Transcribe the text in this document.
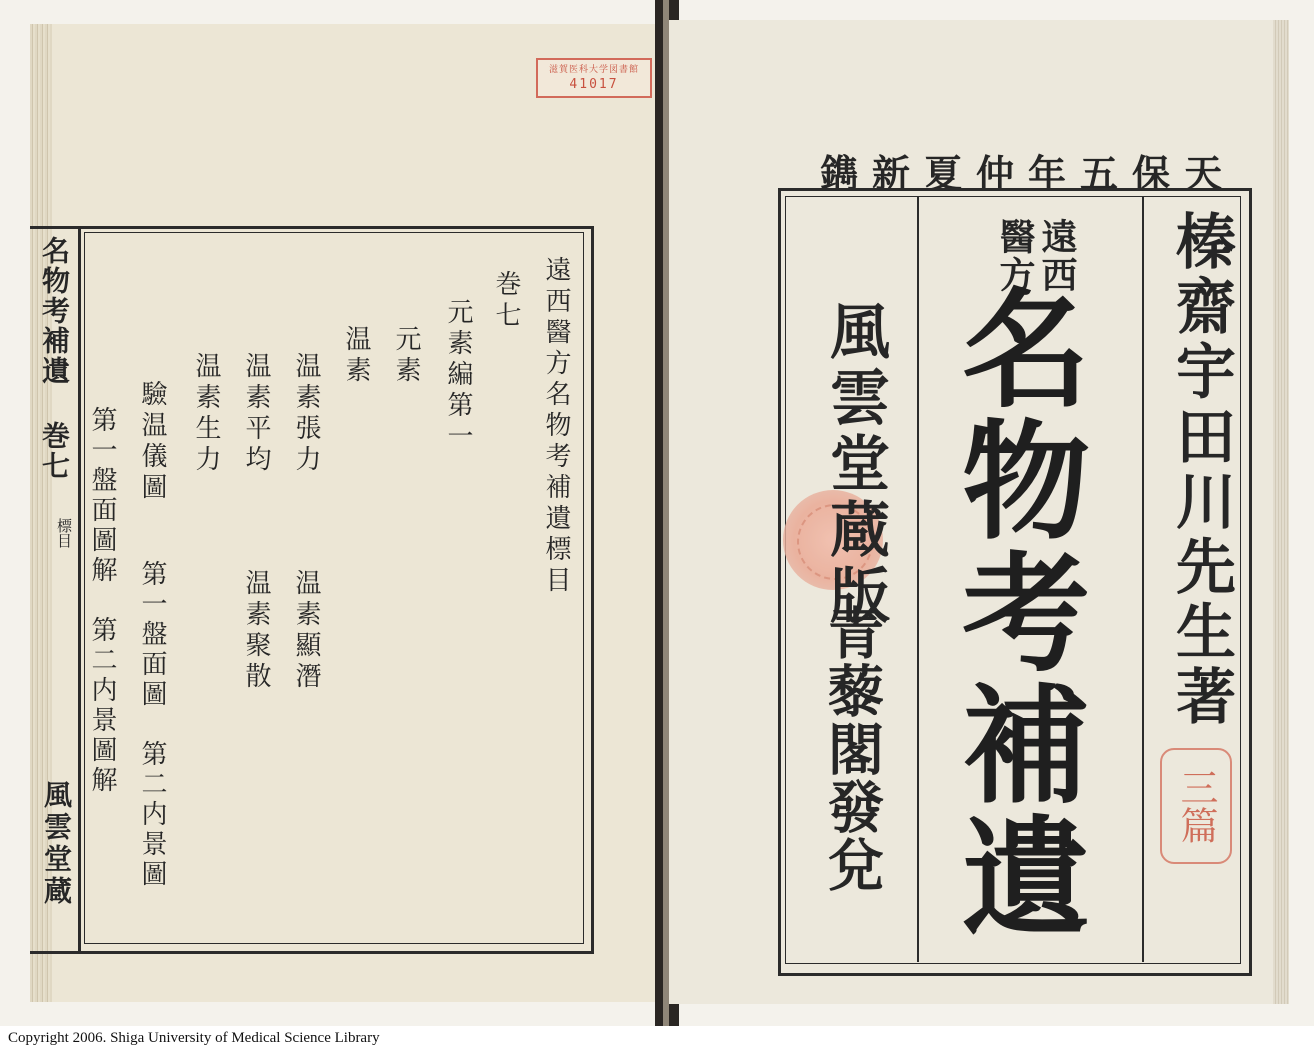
滋賀医科大学図書館
41017
名物考補遺 巻七
標目
風雲堂蔵
遠西醫方名物考補遺標目
巻七
元素編第一
元素
温素
温素張力　　　温素顯潛
温素平均　　　温素聚散
温素生力
驗温儀圖
第一盤面圖　第二内景圖
第一盤面圖解　第二内景圖解
天保五年仲夏新鐫
榛齋宇田川先生著
遠西
醫方
三篇
名物考補遺
風雲堂蔵版
青藜閣發兌
Copyright 2006. Shiga University of Medical Science Library
